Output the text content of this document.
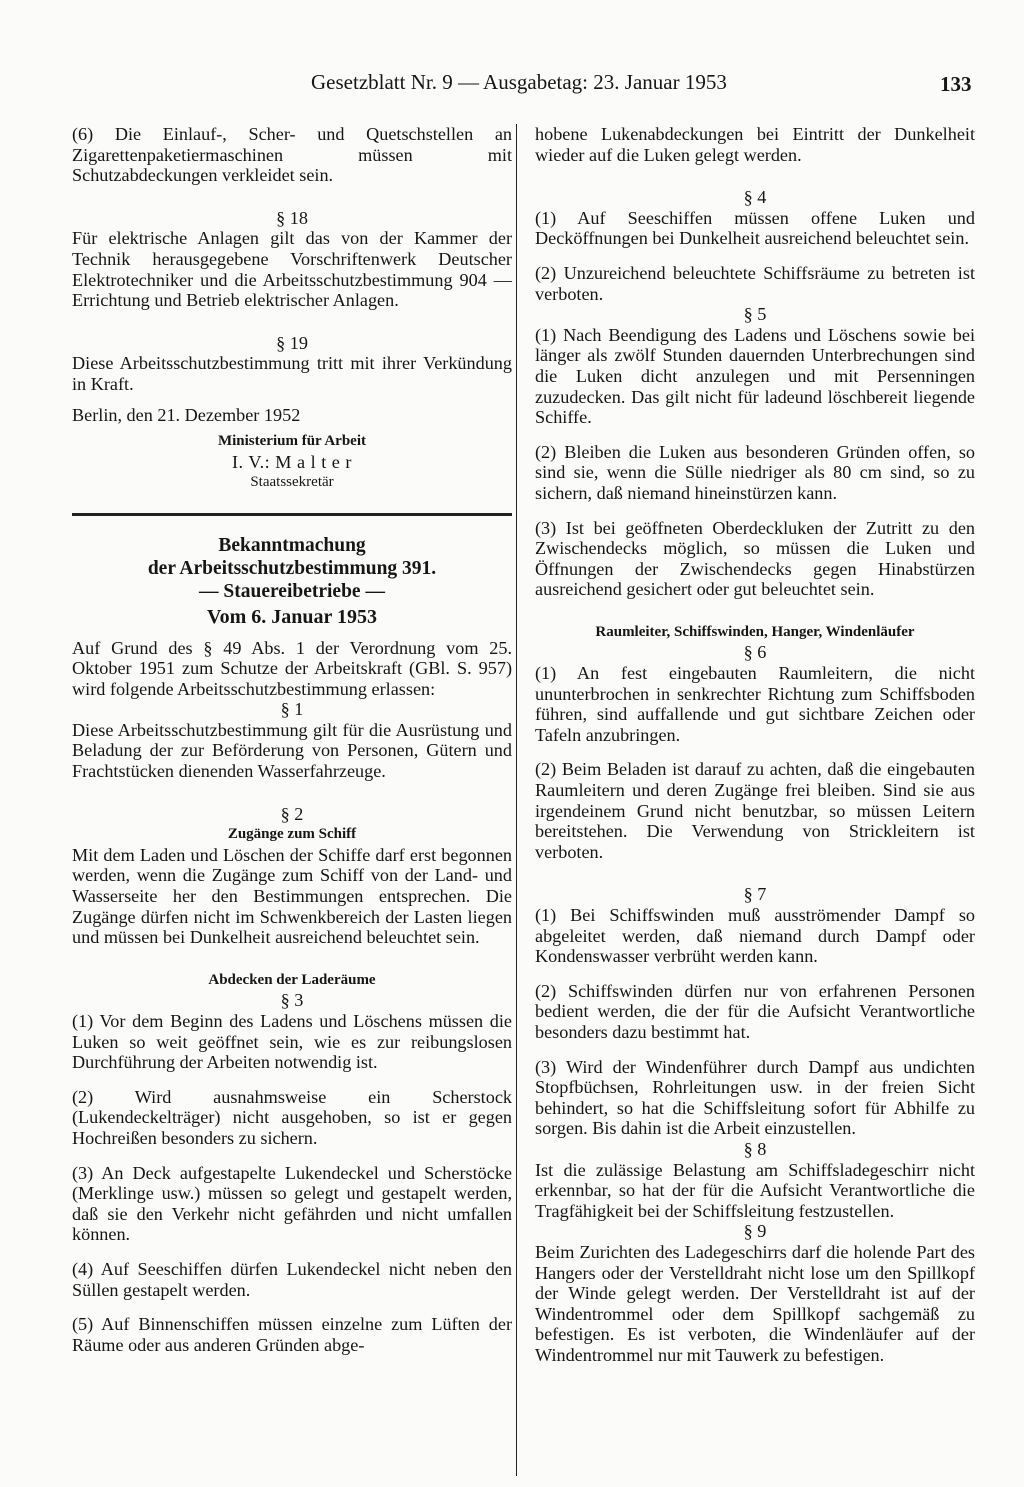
Gesetzblatt Nr. 9 — Ausgabetag: 23. Januar 1953	133

(6) Die Einlauf-, Scher- und Quetschstellen an Zigarettenpaketiermaschinen müssen mit Schutzabdeckungen verkleidet sein.

§ 18

Für elektrische Anlagen gilt das von der Kammer der Technik herausgegebene Vorschriftenwerk Deutscher Elektrotechniker und die Arbeitsschutzbestimmung 904 — Errichtung und Betrieb elektrischer Anlagen.

§ 19

Diese Arbeitsschutzbestimmung tritt mit ihrer Verkündung in Kraft.

Berlin, den 21. Dezember 1952

Ministerium für Arbeit

I. V.: M a l t e r

Staatssekretär

Bekanntmachung

der Arbeitsschutzbestimmung 391.

— Stauereibetriebe —

Vom 6. Januar 1953

Auf Grund des § 49 Abs. 1 der Verordnung vom 25. Oktober 1951 zum Schutze der Arbeitskraft (GBl. S. 957) wird folgende Arbeitsschutzbestimmung erlassen:

§ 1

Diese Arbeitsschutzbestimmung gilt für die Ausrüstung und Beladung der zur Beförderung von Personen, Gütern und Frachtstücken dienenden Wasserfahrzeuge.

§ 2

Zugänge zum Schiff

Mit dem Laden und Löschen der Schiffe darf erst begonnen werden, wenn die Zugänge zum Schiff von der Land- und Wasserseite her den Bestimmungen entsprechen. Die Zugänge dürfen nicht im Schwenkbereich der Lasten liegen und müssen bei Dunkelheit ausreichend beleuchtet sein.

Abdecken der Laderäume

§ 3

(1) Vor dem Beginn des Ladens und Löschens müssen die Luken so weit geöffnet sein, wie es zur reibungslosen Durchführung der Arbeiten notwendig ist.

(2) Wird ausnahmsweise ein Scherstock (Lukendeckelträger) nicht ausgehoben, so ist er gegen Hochreißen besonders zu sichern.

(3) An Deck aufgestapelte Lukendeckel und Scherstöcke (Merklinge usw.) müssen so gelegt und gestapelt werden, daß sie den Verkehr nicht gefährden und nicht umfallen können.

(4) Auf Seeschiffen dürfen Lukendeckel nicht neben den Süllen gestapelt werden.

(5) Auf Binnenschiffen müssen einzelne zum Lüften der Räume oder aus anderen Gründen abge-

hobene Lukenabdeckungen bei Eintritt der Dunkelheit wieder auf die Luken gelegt werden.

§ 4

(1) Auf Seeschiffen müssen offene Luken und Decköffnungen bei Dunkelheit ausreichend beleuchtet sein.

(2) Unzureichend beleuchtete Schiffsräume zu betreten ist verboten.

§ 5

(1) Nach Beendigung des Ladens und Löschens sowie bei länger als zwölf Stunden dauernden Unterbrechungen sind die Luken dicht anzulegen und mit Persenningen zuzudecken. Das gilt nicht für ladeund löschbereit liegende Schiffe.

(2) Bleiben die Luken aus besonderen Gründen offen, so sind sie, wenn die Sülle niedriger als 80 cm sind, so zu sichern, daß niemand hineinstürzen kann.

(3) Ist bei geöffneten Oberdeckluken der Zutritt zu den Zwischendecks möglich, so müssen die Luken und Öffnungen der Zwischendecks gegen Hinabstürzen ausreichend gesichert oder gut beleuchtet sein.

Raumleiter, Schiffswinden, Hanger, Windenläufer

§ 6

(1) An fest eingebauten Raumleitern, die nicht ununterbrochen in senkrechter Richtung zum Schiffsboden führen, sind auffallende und gut sichtbare Zeichen oder Tafeln anzubringen.

(2) Beim Beladen ist darauf zu achten, daß die eingebauten Raumleitern und deren Zugänge frei bleiben. Sind sie aus irgendeinem Grund nicht benutzbar, so müssen Leitern bereitstehen. Die Verwendung von Strickleitern ist verboten.

§ 7

(1) Bei Schiffswinden muß ausströmender Dampf so abgeleitet werden, daß niemand durch Dampf oder Kondenswasser verbrüht werden kann.

(2) Schiffswinden dürfen nur von erfahrenen Personen bedient werden, die der für die Aufsicht Verantwortliche besonders dazu bestimmt hat.

(3) Wird der Windenführer durch Dampf aus undichten Stopfbüchsen, Rohrleitungen usw. in der freien Sicht behindert, so hat die Schiffsleitung sofort für Abhilfe zu sorgen. Bis dahin ist die Arbeit einzustellen.

§ 8

Ist die zulässige Belastung am Schiffsladegeschirr nicht erkennbar, so hat der für die Aufsicht Verantwortliche die Tragfähigkeit bei der Schiffsleitung festzustellen.

§ 9

Beim Zurichten des Ladegeschirrs darf die holende Part des Hangers oder der Verstelldraht nicht lose um den Spillkopf der Winde gelegt werden. Der Verstelldraht ist auf der Windentrommel oder dem Spillkopf sachgemäß zu befestigen. Es ist verboten, die Windenläufer auf der Windentrommel nur mit Tauwerk zu befestigen.
